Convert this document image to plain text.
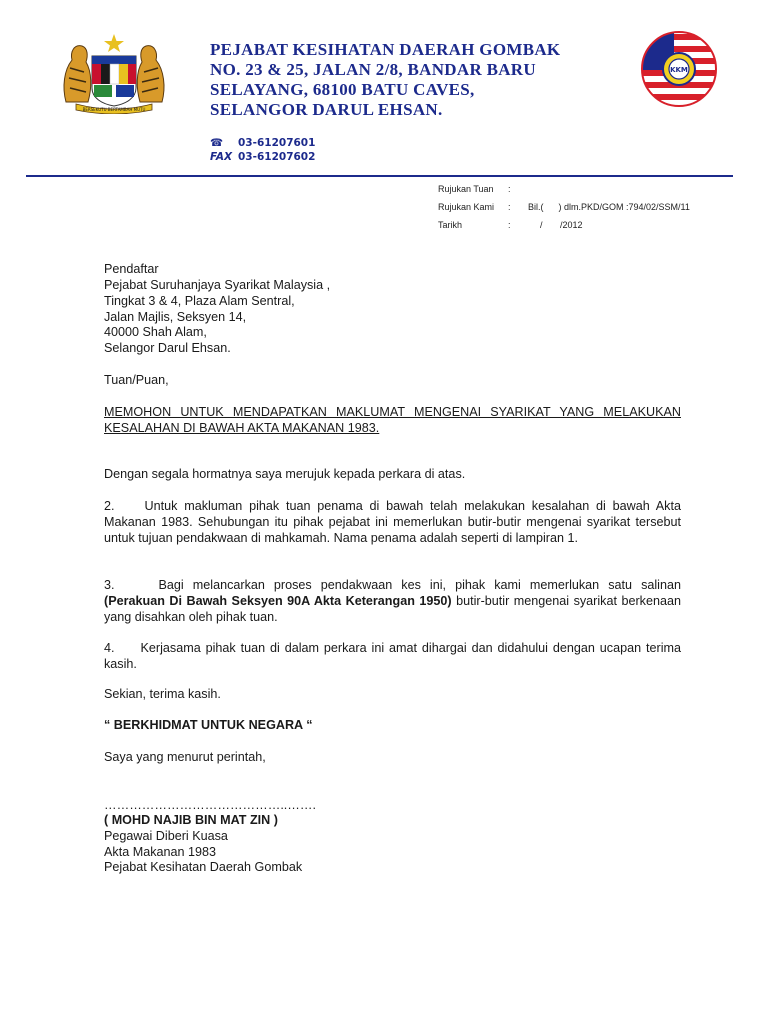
BERSEKUTU BERTAMBAH MUTU
PEJABAT KESIHATAN DAERAH GOMBAK
NO. 23 & 25, JALAN 2/8, BANDAR BARU
SELAYANG, 68100 BATU CAVES,
SELANGOR DARUL EHSAN.
☎ 03-61207601
FAX 03-61207602
KKM
Rujukan Tuan :
Rujukan Kami : Bil.(      ) dlm.PKD/GOM :794/02/SSM/11
Tarikh	:	/       /2012
Pendaftar
Pejabat Suruhanjaya Syarikat Malaysia ,
Tingkat 3 & 4, Plaza Alam Sentral,
Jalan Majlis, Seksyen 14,
40000 Shah Alam,
Selangor Darul Ehsan.
Tuan/Puan,
MEMOHON UNTUK MENDAPATKAN MAKLUMAT MENGENAI SYARIKAT YANG MELAKUKAN KESALAHAN DI BAWAH AKTA MAKANAN 1983.
Dengan segala hormatnya saya merujuk kepada perkara di atas.
2. Untuk makluman pihak tuan penama di bawah telah melakukan kesalahan di bawah Akta Makanan 1983. Sehubungan itu pihak pejabat ini memerlukan butir-butir mengenai syarikat tersebut untuk tujuan pendakwaan di mahkamah. Nama penama adalah seperti di lampiran 1.
3.	Bagi melancarkan proses pendakwaan kes ini, pihak kami memerlukan satu salinan (Perakuan Di Bawah Seksyen 90A Akta Keterangan 1950) butir-butir mengenai syarikat berkenaan yang disahkan oleh pihak tuan.
4. Kerjasama pihak tuan di dalam perkara ini amat dihargai dan didahului dengan ucapan terima kasih.
Sekian, terima kasih.
“ BERKHIDMAT UNTUK NEGARA “
Saya yang menurut perintah,
……………………………………..…….
( MOHD NAJIB BIN MAT ZIN )
Pegawai Diberi Kuasa
Akta Makanan 1983
Pejabat Kesihatan Daerah Gombak
